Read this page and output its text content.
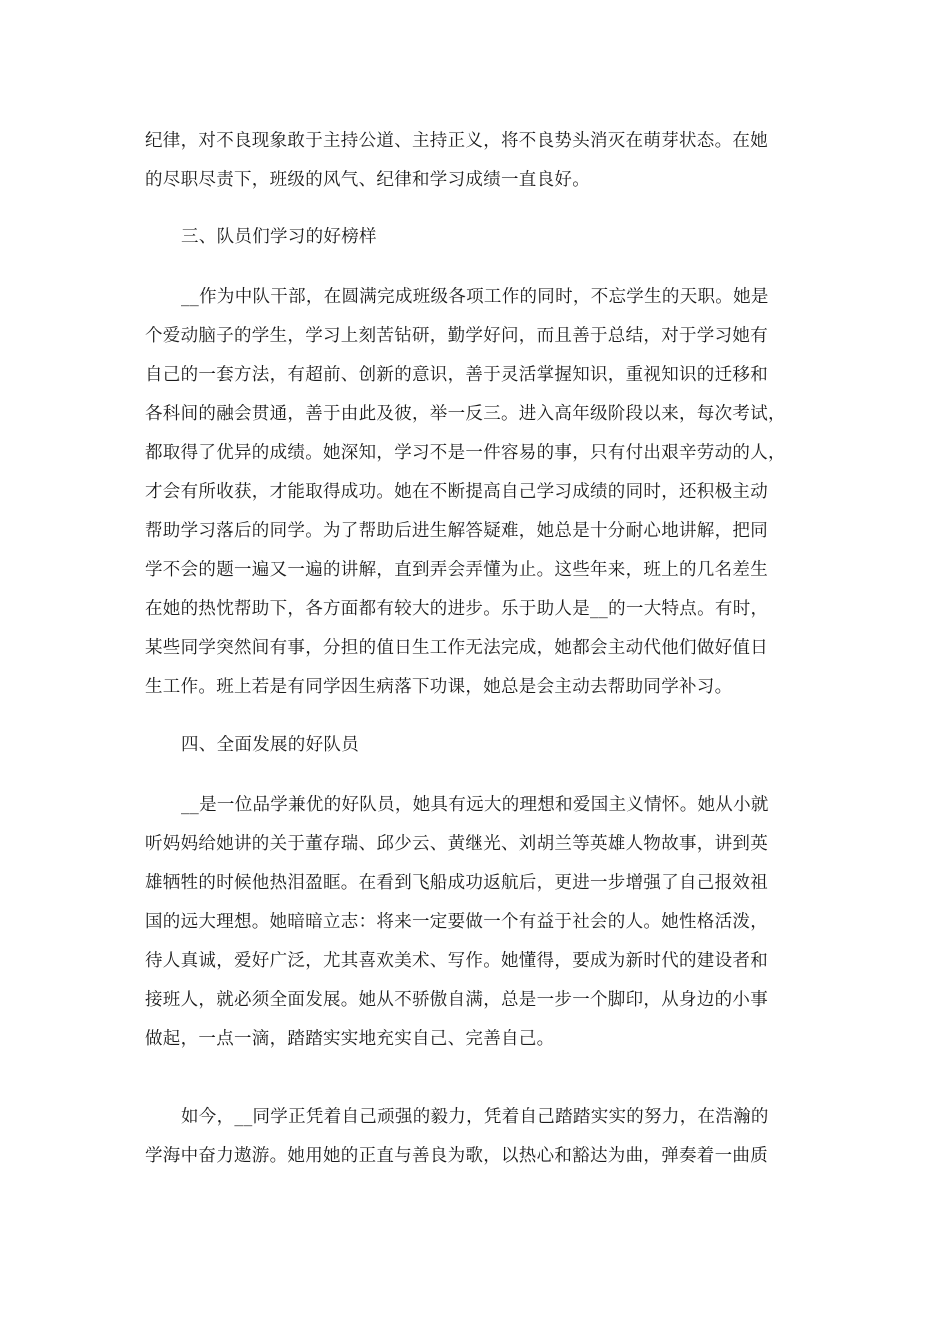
纪律，对不良现象敢于主持公道、主持正义，将不良势头消灭在萌芽状态。在她
的尽职尽责下，班级的风气、纪律和学习成绩一直良好。
三、队员们学习的好榜样
__作为中队干部，在圆满完成班级各项工作的同时，不忘学生的天职。她是
个爱动脑子的学生，学习上刻苦钻研，勤学好问，而且善于总结，对于学习她有
自己的一套方法，有超前、创新的意识，善于灵活掌握知识，重视知识的迁移和
各科间的融会贯通，善于由此及彼，举一反三。进入高年级阶段以来，每次考试，
都取得了优异的成绩。她深知，学习不是一件容易的事，只有付出艰辛劳动的人，
才会有所收获，才能取得成功。她在不断提高自己学习成绩的同时，还积极主动
帮助学习落后的同学。为了帮助后进生解答疑难，她总是十分耐心地讲解，把同
学不会的题一遍又一遍的讲解，直到弄会弄懂为止。这些年来，班上的几名差生
在她的热忱帮助下，各方面都有较大的进步。乐于助人是__的一大特点。有时，
某些同学突然间有事，分担的值日生工作无法完成，她都会主动代他们做好值日
生工作。班上若是有同学因生病落下功课，她总是会主动去帮助同学补习。
四、全面发展的好队员
__是一位品学兼优的好队员，她具有远大的理想和爱国主义情怀。她从小就
听妈妈给她讲的关于董存瑞、邱少云、黄继光、刘胡兰等英雄人物故事，讲到英
雄牺牲的时候他热泪盈眶。在看到飞船成功返航后，更进一步增强了自己报效祖
国的远大理想。她暗暗立志：将来一定要做一个有益于社会的人。她性格活泼，
待人真诚，爱好广泛，尤其喜欢美术、写作。她懂得，要成为新时代的建设者和
接班人，就必须全面发展。她从不骄傲自满，总是一步一个脚印，从身边的小事
做起，一点一滴，踏踏实实地充实自己、完善自己。
如今，__同学正凭着自己顽强的毅力，凭着自己踏踏实实的努力，在浩瀚的
学海中奋力遨游。她用她的正直与善良为歌，以热心和豁达为曲，弹奏着一曲质
